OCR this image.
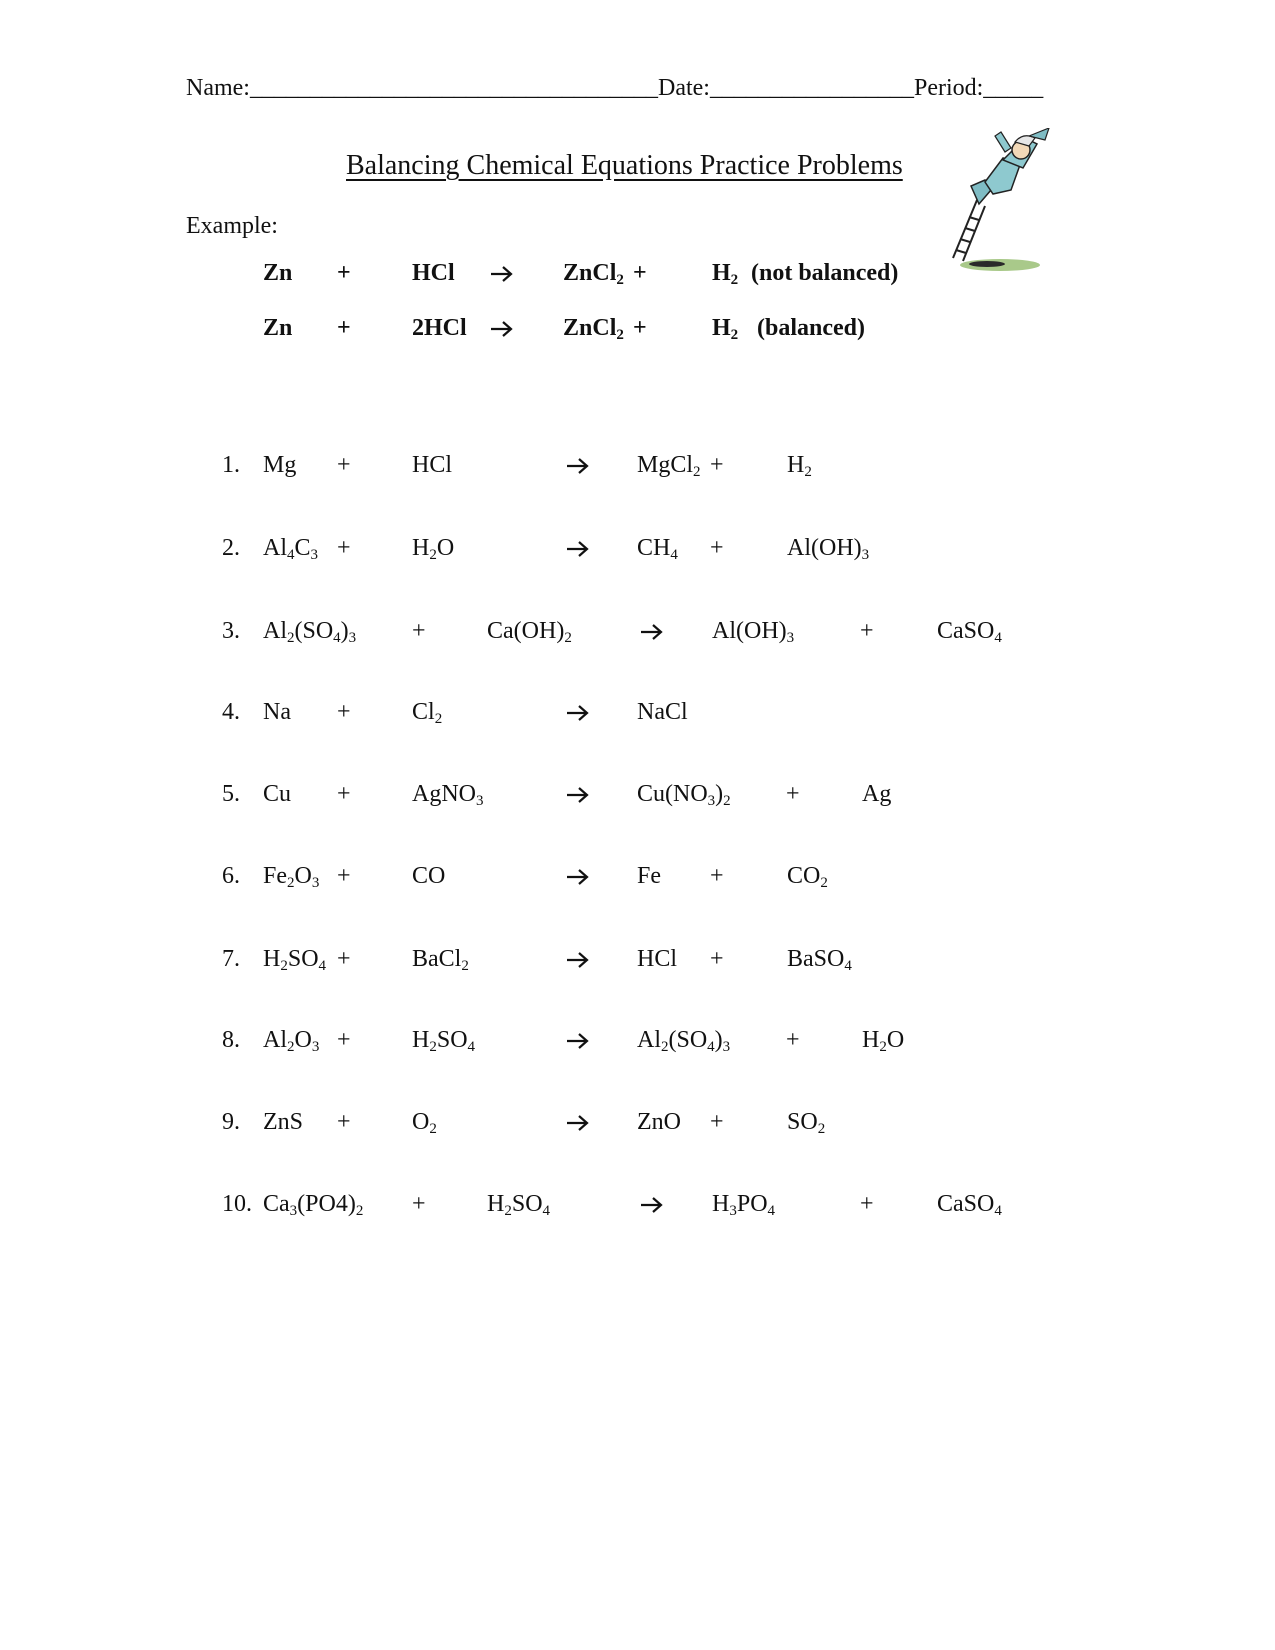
Name:__________________________________Date:_________________Period:_____
Balancing Chemical Equations Practice Problems
Example:
Zn +	HCl → ZnCl$_2$ +	$H_2$ (not balanced)
Zn +	2HCl → ZnCl$_2$ +	$H_2$ (balanced)
1. Mg +	HCl	MgCl$_2$ +	$H_2$
2. $Al_4C_3$ +	$H_2O$	$CH_4$ +	$Al(OH)_3$
3. $Al_2(SO_4)_3$ +	$Ca(OH)_2$	$Al(OH)_3$	+	CaSO$_4$
4. Na +	$Cl_2$	NaCl
5. Cu +	AgNO$_3$	$Cu(NO_3)_2$ +	Ag
6. $Fe_2O_3$ +	CO	Fe +	$CO_2$
7. $H_2SO_4$ +	BaCl$_2$	HCl +	BaSO$_4$
8. $Al_2O_3$ +	$H_2SO_4$	$Al_2(SO_4)_3$ +	$H_2O$
9. ZnS +	$O_2$	ZnO +	$SO_2$
10. $Ca_3(PO4)_2$ +	$H_2SO_4$	$H_3PO_4$	+	CaSO$_4$
